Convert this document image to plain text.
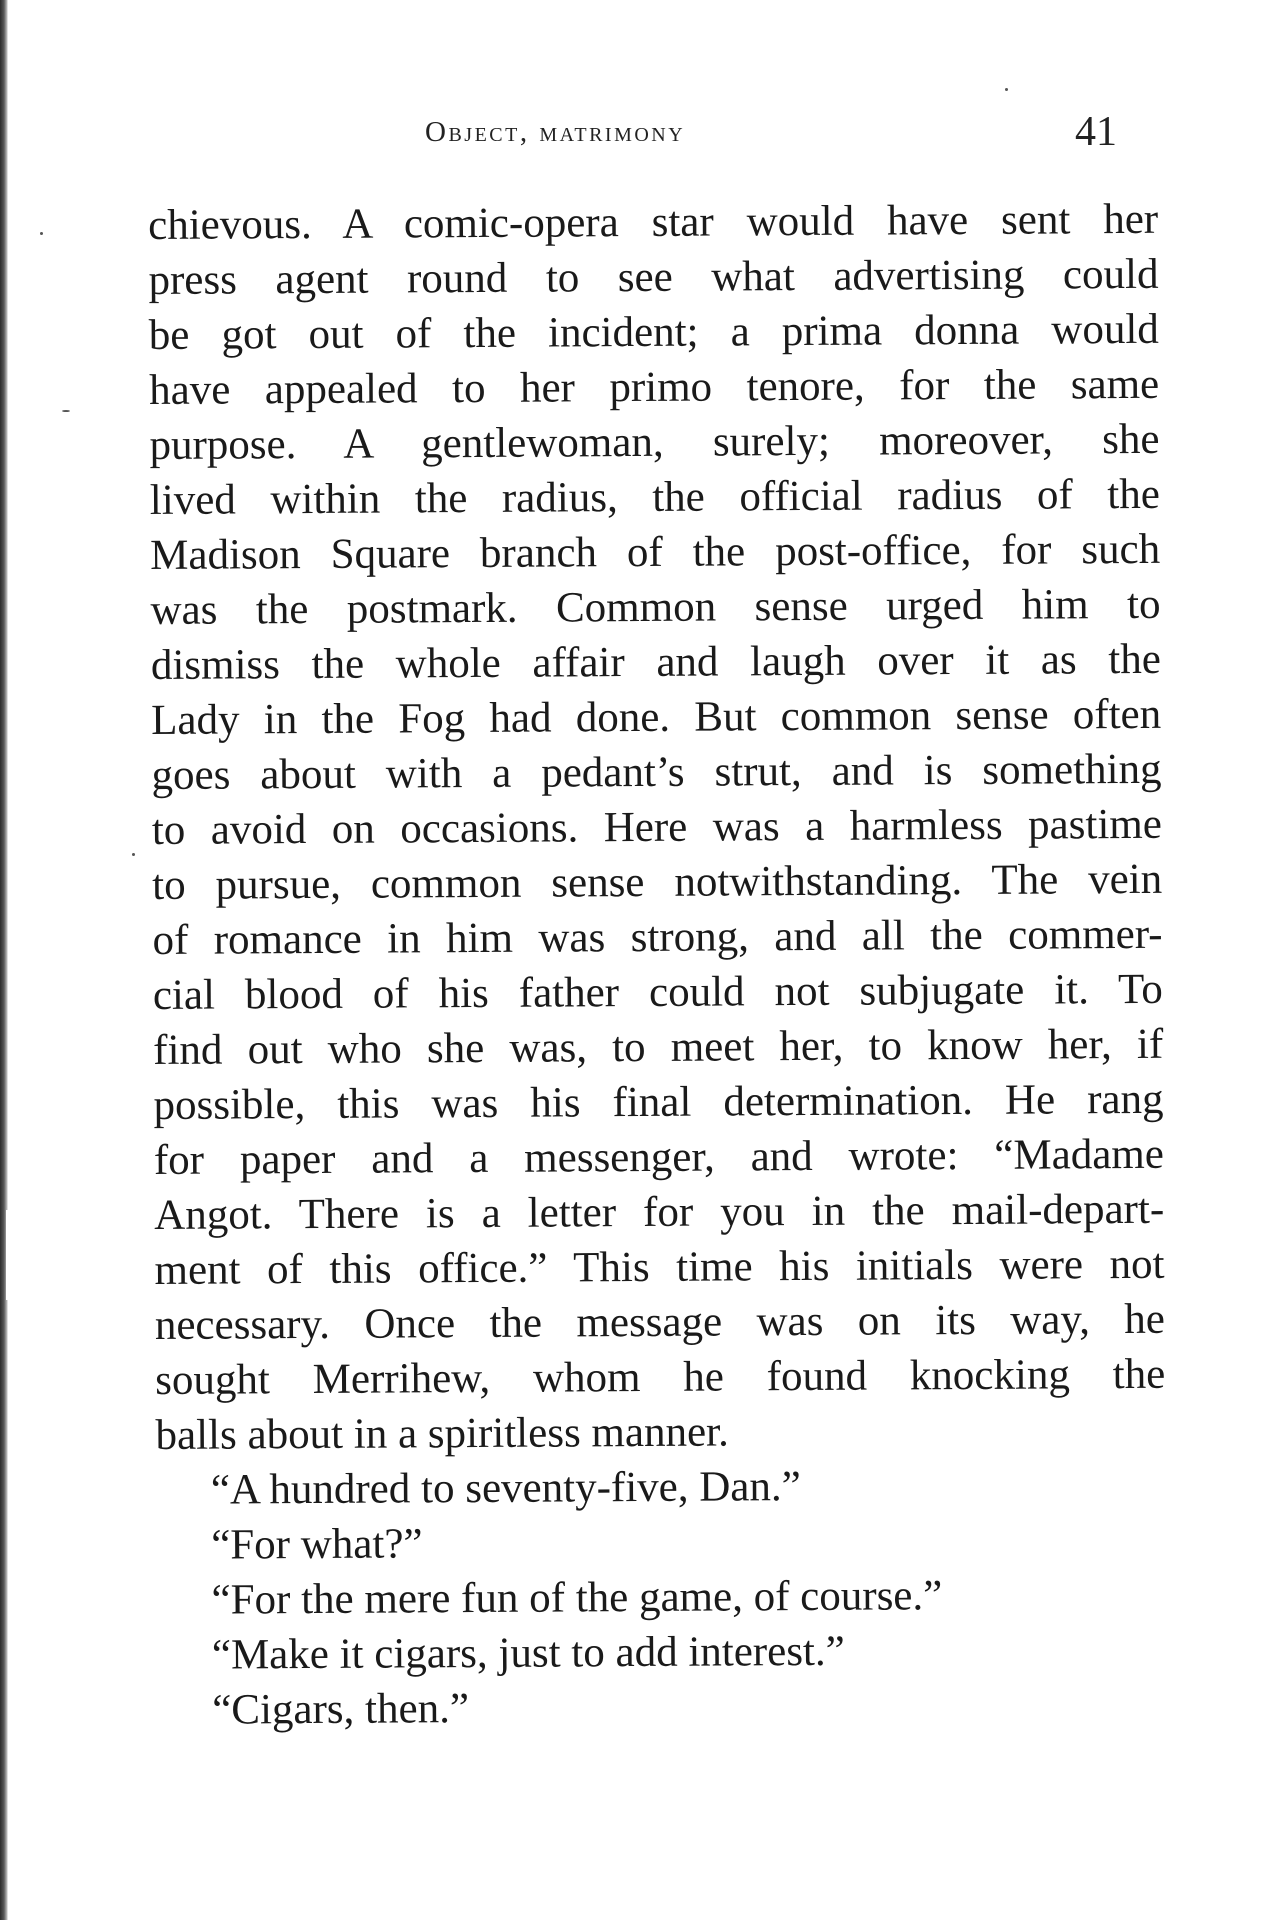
Object, matrimony	41
chievous. A comic-opera star would have sent her
press agent round to see what advertising could
be got out of the incident; a prima donna would
have appealed to her primo tenore, for the same
purpose. A gentlewoman, surely; moreover, she
lived within the radius, the official radius of the
Madison Square branch of the post-office, for such
was the postmark. Common sense urged him to
dismiss the whole affair and laugh over it as the
Lady in the Fog had done. But common sense often
goes about with a pedant’s strut, and is something
to avoid on occasions. Here was a harmless pastime
to pursue, common sense notwithstanding. The vein
of romance in him was strong, and all the commer-
cial blood of his father could not subjugate it. To
find out who she was, to meet her, to know her, if
possible, this was his final determination. He rang
for paper and a messenger, and wrote: “Madame
Angot. There is a letter for you in the mail-depart-
ment of this office.” This time his initials were not
necessary. Once the message was on its way, he
sought Merrihew, whom he found knocking the
balls about in a spiritless manner.
“A hundred to seventy-five, Dan.”
“For what?”
“For the mere fun of the game, of course.”
“Make it cigars, just to add interest.”
“Cigars, then.”
